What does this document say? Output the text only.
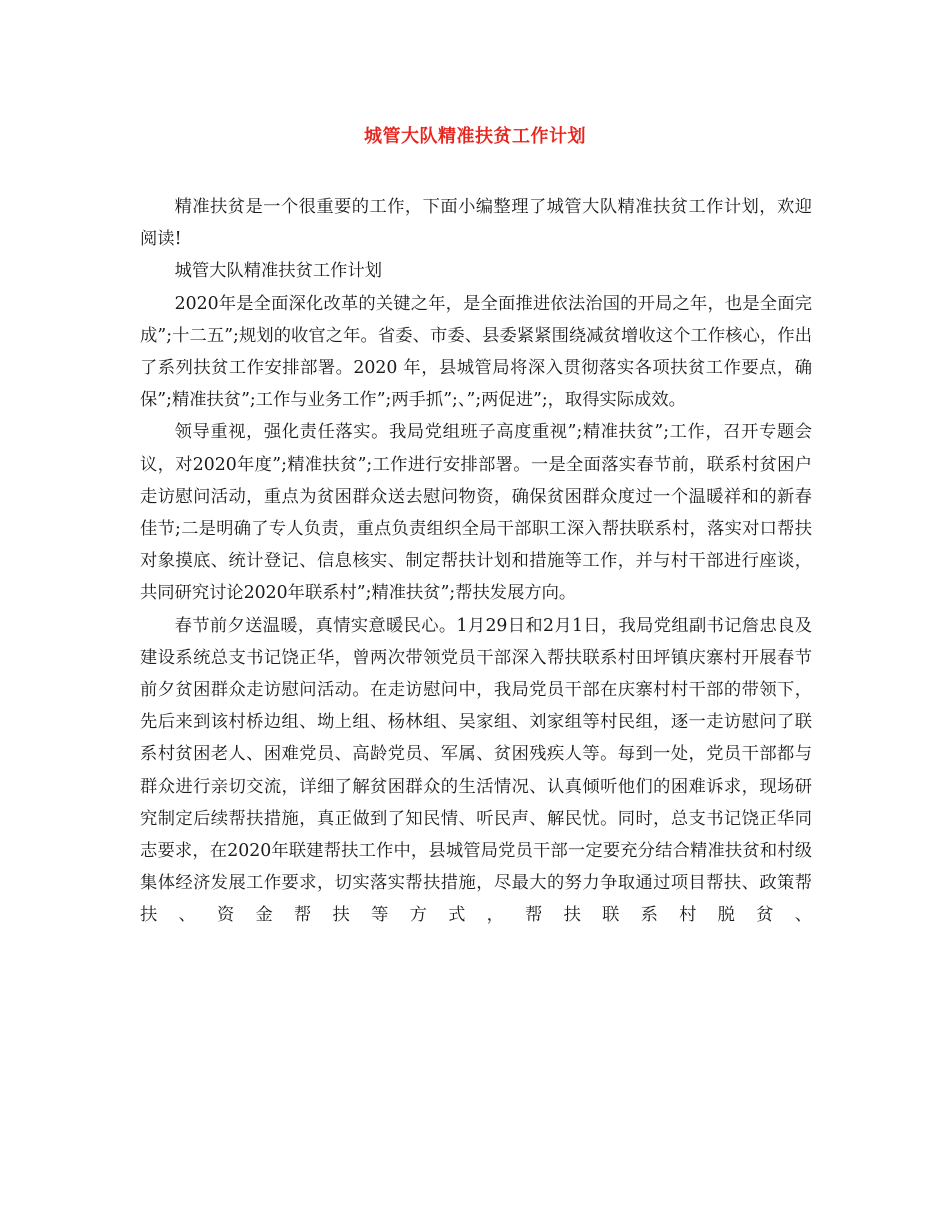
城管大队精准扶贫工作计划

精准扶贫是一个很重要的工作，下面小编整理了城管大队精准扶贫工作计划，欢迎阅读!

城管大队精准扶贫工作计划

2020年是全面深化改革的关键之年，是全面推进依法治国的开局之年，也是全面完成”;十二五”;规划的收官之年。省委、市委、县委紧紧围绕减贫增收这个工作核心，作出了系列扶贫工作安排部署。2020 年，县城管局将深入贯彻落实各项扶贫工作要点，确保”;精准扶贫”;工作与业务工作”;两手抓”;、”;两促进”;，取得实际成效。

领导重视，强化责任落实。我局党组班子高度重视”;精准扶贫”;工作，召开专题会议，对2020年度”;精准扶贫”;工作进行安排部署。一是全面落实春节前，联系村贫困户走访慰问活动，重点为贫困群众送去慰问物资，确保贫困群众度过一个温暖祥和的新春佳节;二是明确了专人负责，重点负责组织全局干部职工深入帮扶联系村，落实对口帮扶对象摸底、统计登记、信息核实、制定帮扶计划和措施等工作，并与村干部进行座谈，共同研究讨论2020年联系村”;精准扶贫”;帮扶发展方向。

春节前夕送温暖，真情实意暖民心。1月29日和2月1日，我局党组副书记詹忠良及建设系统总支书记饶正华，曾两次带领党员干部深入帮扶联系村田坪镇庆寨村开展春节前夕贫困群众走访慰问活动。在走访慰问中，我局党员干部在庆寨村村干部的带领下，先后来到该村桥边组、坳上组、杨林组、吴家组、刘家组等村民组，逐一走访慰问了联系村贫困老人、困难党员、高龄党员、军属、贫困残疾人等。每到一处，党员干部都与群众进行亲切交流，详细了解贫困群众的生活情况、认真倾听他们的困难诉求，现场研究制定后续帮扶措施，真正做到了知民情、听民声、解民忧。同时，总支书记饶正华同志要求，在2020年联建帮扶工作中，县城管局党员干部一定要充分结合精准扶贫和村级集体经济发展工作要求，切实落实帮扶措施，尽最大的努力争取通过项目帮扶、政策帮扶、资金帮扶等方式，帮扶联系村脱贫、
